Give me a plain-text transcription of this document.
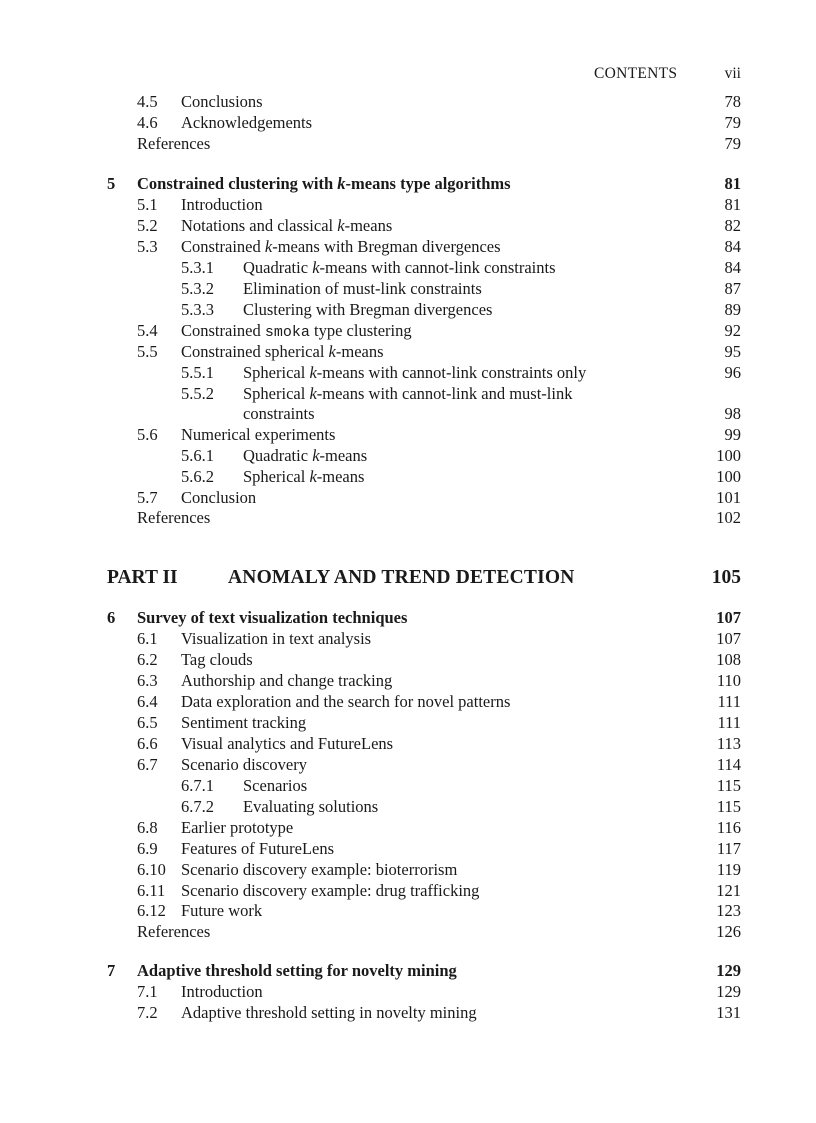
CONTENTS	vii
4.5 Conclusions	78
4.6 Acknowledgements	79
References	79
5 Constrained clustering with k-means type algorithms	81
5.1 Introduction	81
5.2 Notations and classical k-means	82
5.3 Constrained k-means with Bregman divergences	84
5.3.1 Quadratic k-means with cannot-link constraints	84
5.3.2 Elimination of must-link constraints	87
5.3.3 Clustering with Bregman divergences	89
5.4 Constrained smoka type clustering	92
5.5 Constrained spherical k-means	95
5.5.1 Spherical k-means with cannot-link constraints only	96
5.5.2 Spherical k-means with cannot-link and must-link
constraints	98
5.6 Numerical experiments	99
5.6.1 Quadratic k-means	100
5.6.2 Spherical k-means	100
5.7 Conclusion	101
References	102
PART II	ANOMALY AND TREND DETECTION	105
6 Survey of text visualization techniques	107
6.1 Visualization in text analysis	107
6.2 Tag clouds	108
6.3 Authorship and change tracking	110
6.4 Data exploration and the search for novel patterns	111
6.5 Sentiment tracking	111
6.6 Visual analytics and FutureLens	113
6.7 Scenario discovery	114
6.7.1 Scenarios	115
6.7.2 Evaluating solutions	115
6.8 Earlier prototype	116
6.9 Features of FutureLens	117
6.10 Scenario discovery example: bioterrorism	119
6.11 Scenario discovery example: drug trafficking	121
6.12 Future work	123
References	126
7 Adaptive threshold setting for novelty mining	129
7.1 Introduction	129
7.2 Adaptive threshold setting in novelty mining	131
